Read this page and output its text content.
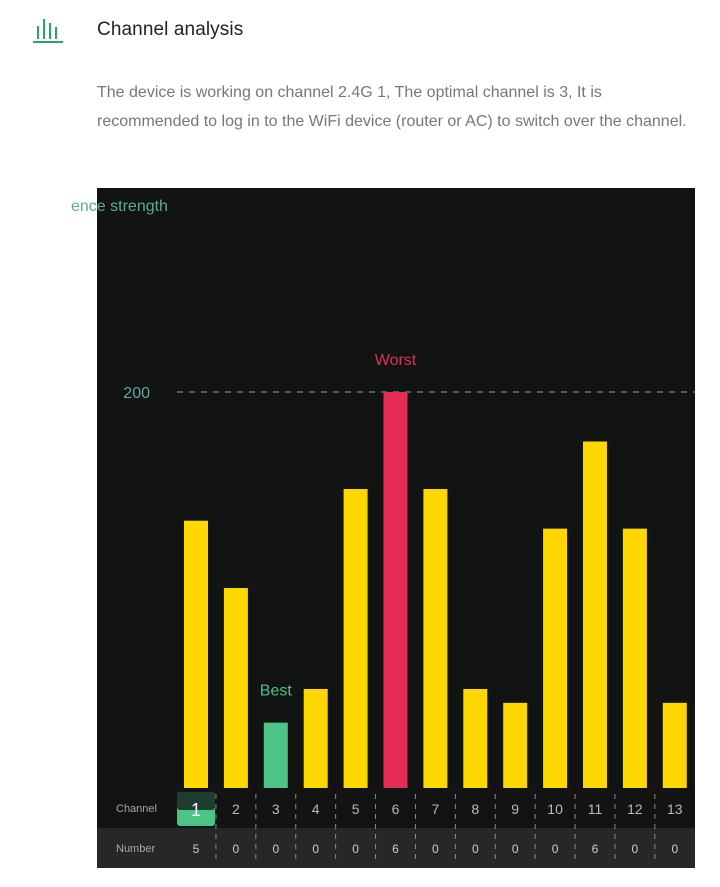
Channel analysis
The device is working on channel 2.4G 1, The optimal channel is 3, It is recommended to log in to the WiFi device (router or AC) to switch over the channel.
ence strength
200
Channel
Number
1
5
2
0
Best
3
0
4
0
5
0
Worst
6
6
7
0
8
0
9
0
10
0
11
6
12
0
13
0
